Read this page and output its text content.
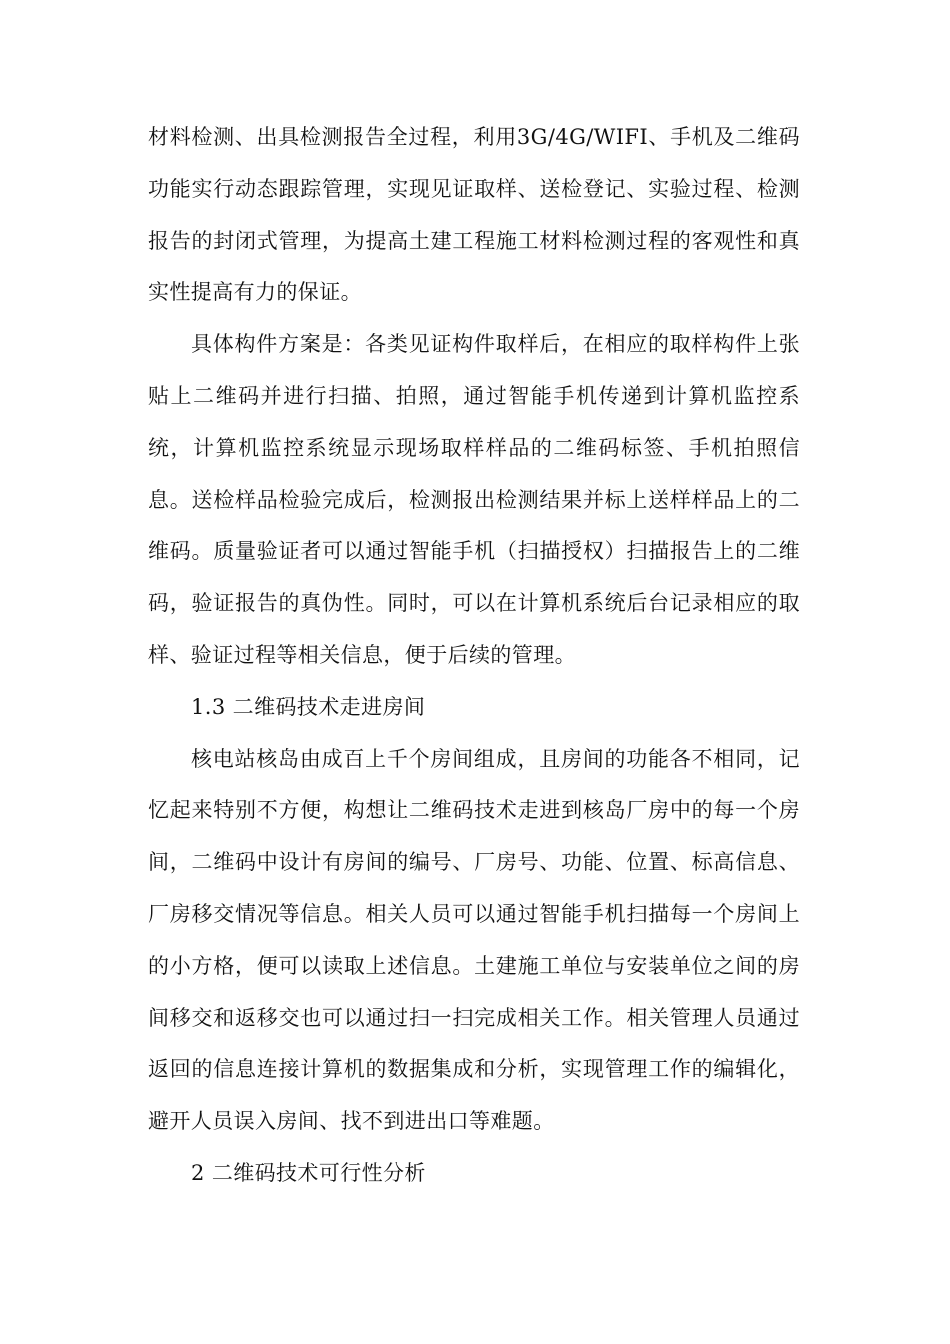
材料检测、出具检测报告全过程，利用3G/4G/WIFI、手机及二维码功能实行动态跟踪管理，实现见证取样、送检登记、实验过程、检测报告的封闭式管理，为提高土建工程施工材料检测过程的客观性和真实性提高有力的保证。

具体构件方案是：各类见证构件取样后，在相应的取样构件上张贴上二维码并进行扫描、拍照，通过智能手机传递到计算机监控系统，计算机监控系统显示现场取样样品的二维码标签、手机拍照信息。送检样品检验完成后，检测报出检测结果并标上送样样品上的二维码。质量验证者可以通过智能手机（扫描授权）扫描报告上的二维码，验证报告的真伪性。同时，可以在计算机系统后台记录相应的取样、验证过程等相关信息，便于后续的管理。

1.3 二维码技术走进房间

核电站核岛由成百上千个房间组成，且房间的功能各不相同，记忆起来特别不方便，构想让二维码技术走进到核岛厂房中的每一个房间，二维码中设计有房间的编号、厂房号、功能、位置、标高信息、厂房移交情况等信息。相关人员可以通过智能手机扫描每一个房间上的小方格，便可以读取上述信息。土建施工单位与安装单位之间的房间移交和返移交也可以通过扫一扫完成相关工作。相关管理人员通过返回的信息连接计算机的数据集成和分析，实现管理工作的编辑化，避开人员误入房间、找不到进出口等难题。

2 二维码技术可行性分析
